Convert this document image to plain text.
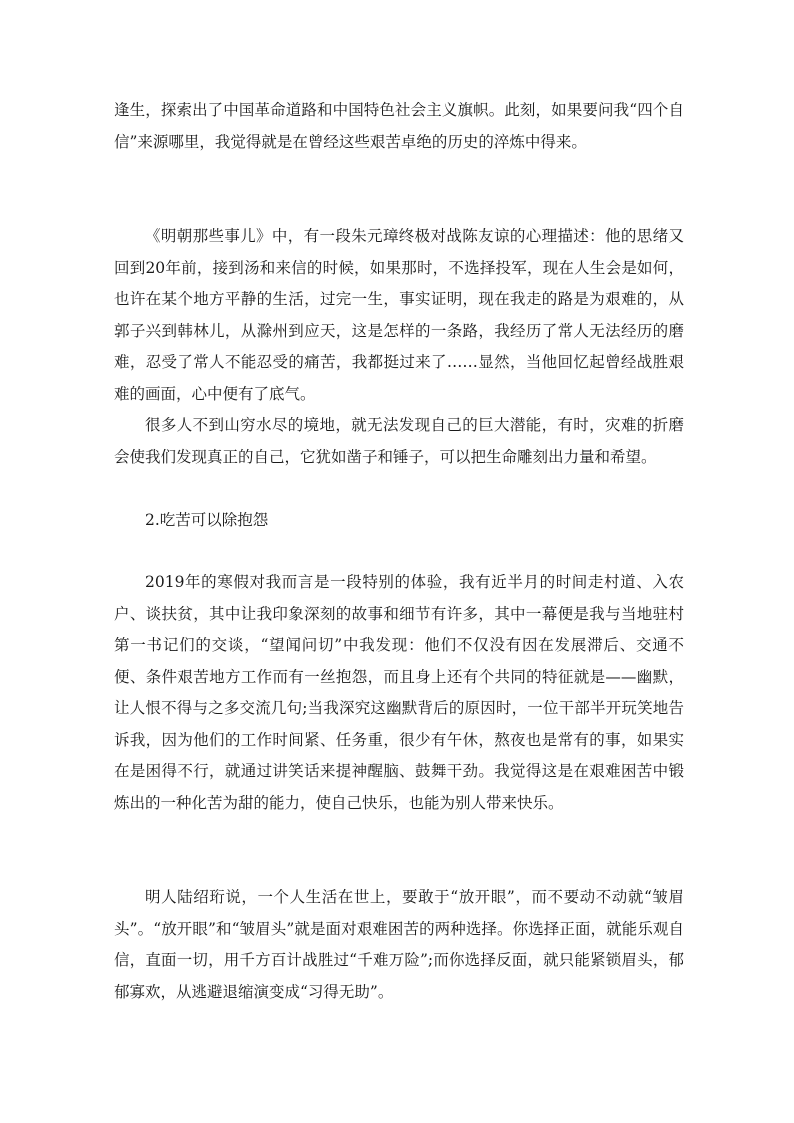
逢生，探索出了中国革命道路和中国特色社会主义旗帜。此刻，如果要问我“四个自信”来源哪里，我觉得就是在曾经这些艰苦卓绝的历史的淬炼中得来。

《明朝那些事儿》中，有一段朱元璋终极对战陈友谅的心理描述：他的思绪又回到20年前，接到汤和来信的时候，如果那时，不选择投军，现在人生会是如何，也许在某个地方平静的生活，过完一生，事实证明，现在我走的路是为艰难的，从郭子兴到韩林儿，从滁州到应天，这是怎样的一条路，我经历了常人无法经历的磨难，忍受了常人不能忍受的痛苦，我都挺过来了……显然，当他回忆起曾经战胜艰难的画面，心中便有了底气。

很多人不到山穷水尽的境地，就无法发现自己的巨大潜能，有时，灾难的折磨会使我们发现真正的自己，它犹如凿子和锤子，可以把生命雕刻出力量和希望。

2.吃苦可以除抱怨

2019年的寒假对我而言是一段特别的体验，我有近半月的时间走村道、入农户、谈扶贫，其中让我印象深刻的故事和细节有许多，其中一幕便是我与当地驻村第一书记们的交谈，“望闻问切”中我发现：他们不仅没有因在发展滞后、交通不便、条件艰苦地方工作而有一丝抱怨，而且身上还有个共同的特征就是——幽默，让人恨不得与之多交流几句;当我深究这幽默背后的原因时，一位干部半开玩笑地告诉我，因为他们的工作时间紧、任务重，很少有午休，熬夜也是常有的事，如果实在是困得不行，就通过讲笑话来提神醒脑、鼓舞干劲。我觉得这是在艰难困苦中锻炼出的一种化苦为甜的能力，使自己快乐，也能为别人带来快乐。

明人陆绍珩说，一个人生活在世上，要敢于“放开眼”，而不要动不动就“皱眉头”。“放开眼”和“皱眉头”就是面对艰难困苦的两种选择。你选择正面，就能乐观自信，直面一切，用千方百计战胜过“千难万险”;而你选择反面，就只能紧锁眉头，郁郁寡欢，从逃避退缩演变成“习得无助”。
